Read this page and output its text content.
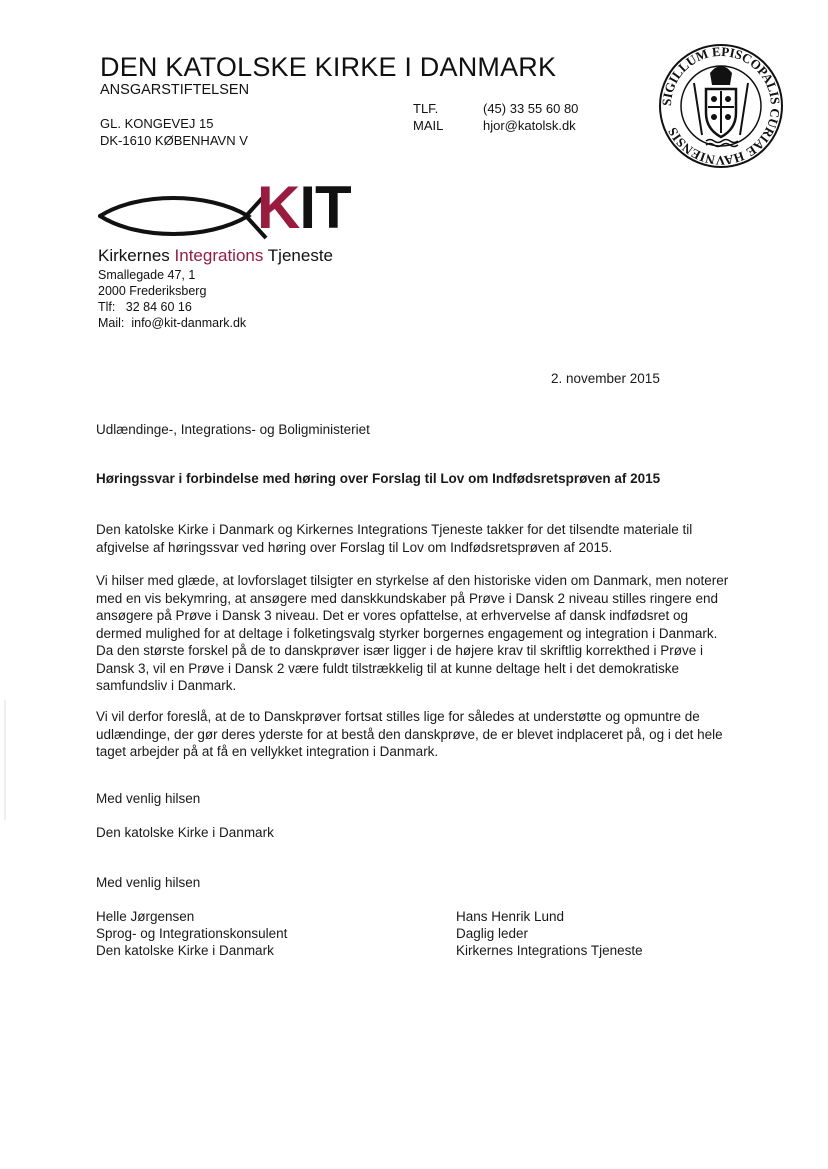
DEN KATOLSKE KIRKE I DANMARK
ANSGARSTIFTELSEN
GL. KONGEVEJ 15
DK-1610 KØBENHAVN V
TLF.	(45) 33 55 60 80
MAIL	hjor@katolsk.dk
SIGILLUM EPISCOPALIS CURIAE HAVNIENSIS
KIT
Kirkernes Integrations Tjeneste
Smallegade 47, 1
2000 Frederiksberg
Tlf:   32 84 60 16
Mail:  info@kit-danmark.dk
2. november 2015
Udlændinge-, Integrations- og Boligministeriet
Høringssvar i forbindelse med høring over Forslag til Lov om Indfødsretsprøven af 2015
Den katolske Kirke i Danmark og Kirkernes Integrations Tjeneste takker for det tilsendte materiale til afgivelse af høringssvar ved høring over Forslag til Lov om Indfødsretsprøven af 2015.
Vi hilser med glæde, at lovforslaget tilsigter en styrkelse af den historiske viden om Danmark, men noterer med en vis bekymring, at ansøgere med danskkundskaber på Prøve i Dansk 2 niveau stilles ringere end ansøgere på Prøve i Dansk 3 niveau. Det er vores opfattelse, at erhvervelse af dansk indfødsret og dermed mulighed for at deltage i folketingsvalg styrker borgernes engagement og integration i Danmark. Da den største forskel på de to danskprøver især ligger i de højere krav til skriftlig korrekthed i Prøve i Dansk 3, vil en Prøve i Dansk 2 være fuldt tilstrækkelig til at kunne deltage helt i det demokratiske samfundsliv i Danmark.
Vi vil derfor foreslå, at de to Danskprøver fortsat stilles lige for således at understøtte og opmuntre de udlændinge, der gør deres yderste for at bestå den danskprøve, de er blevet indplaceret på, og i det hele taget arbejder på at få en vellykket integration i Danmark.
Med venlig hilsen
Den katolske Kirke i Danmark
Med venlig hilsen
Helle Jørgensen
Sprog- og Integrationskonsulent
Den katolske Kirke i Danmark
Hans Henrik Lund
Daglig leder
Kirkernes Integrations Tjeneste
